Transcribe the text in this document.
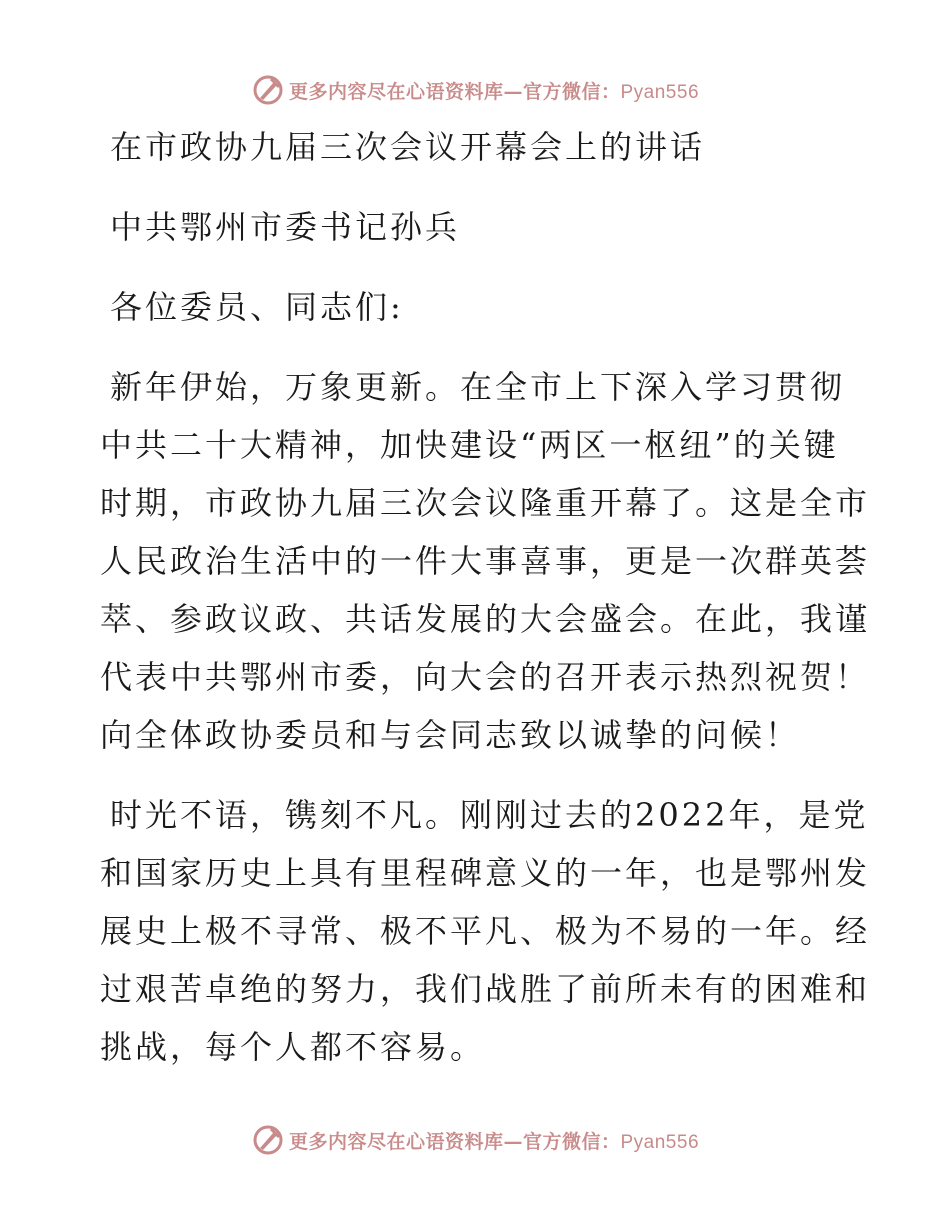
更多内容尽在心语资料库—官方微信：Pyan556

在市政协九届三次会议开幕会上的讲话

中共鄂州市委书记孙兵

各位委员、同志们:

新年伊始，万象更新。在全市上下深入学习贯彻

中共二十大精神，加快建设“两区一枢纽”的关键

时期，市政协九届三次会议隆重开幕了。这是全市

人民政治生活中的一件大事喜事，更是一次群英荟

萃、参政议政、共话发展的大会盛会。在此，我谨

代表中共鄂州市委，向大会的召开表示热烈祝贺！

向全体政协委员和与会同志致以诚挚的问候！

时光不语，镌刻不凡。刚刚过去的2022年，是党

和国家历史上具有里程碑意义的一年，也是鄂州发

展史上极不寻常、极不平凡、极为不易的一年。经

过艰苦卓绝的努力，我们战胜了前所未有的困难和

挑战，每个人都不容易。

更多内容尽在心语资料库—官方微信：Pyan556
